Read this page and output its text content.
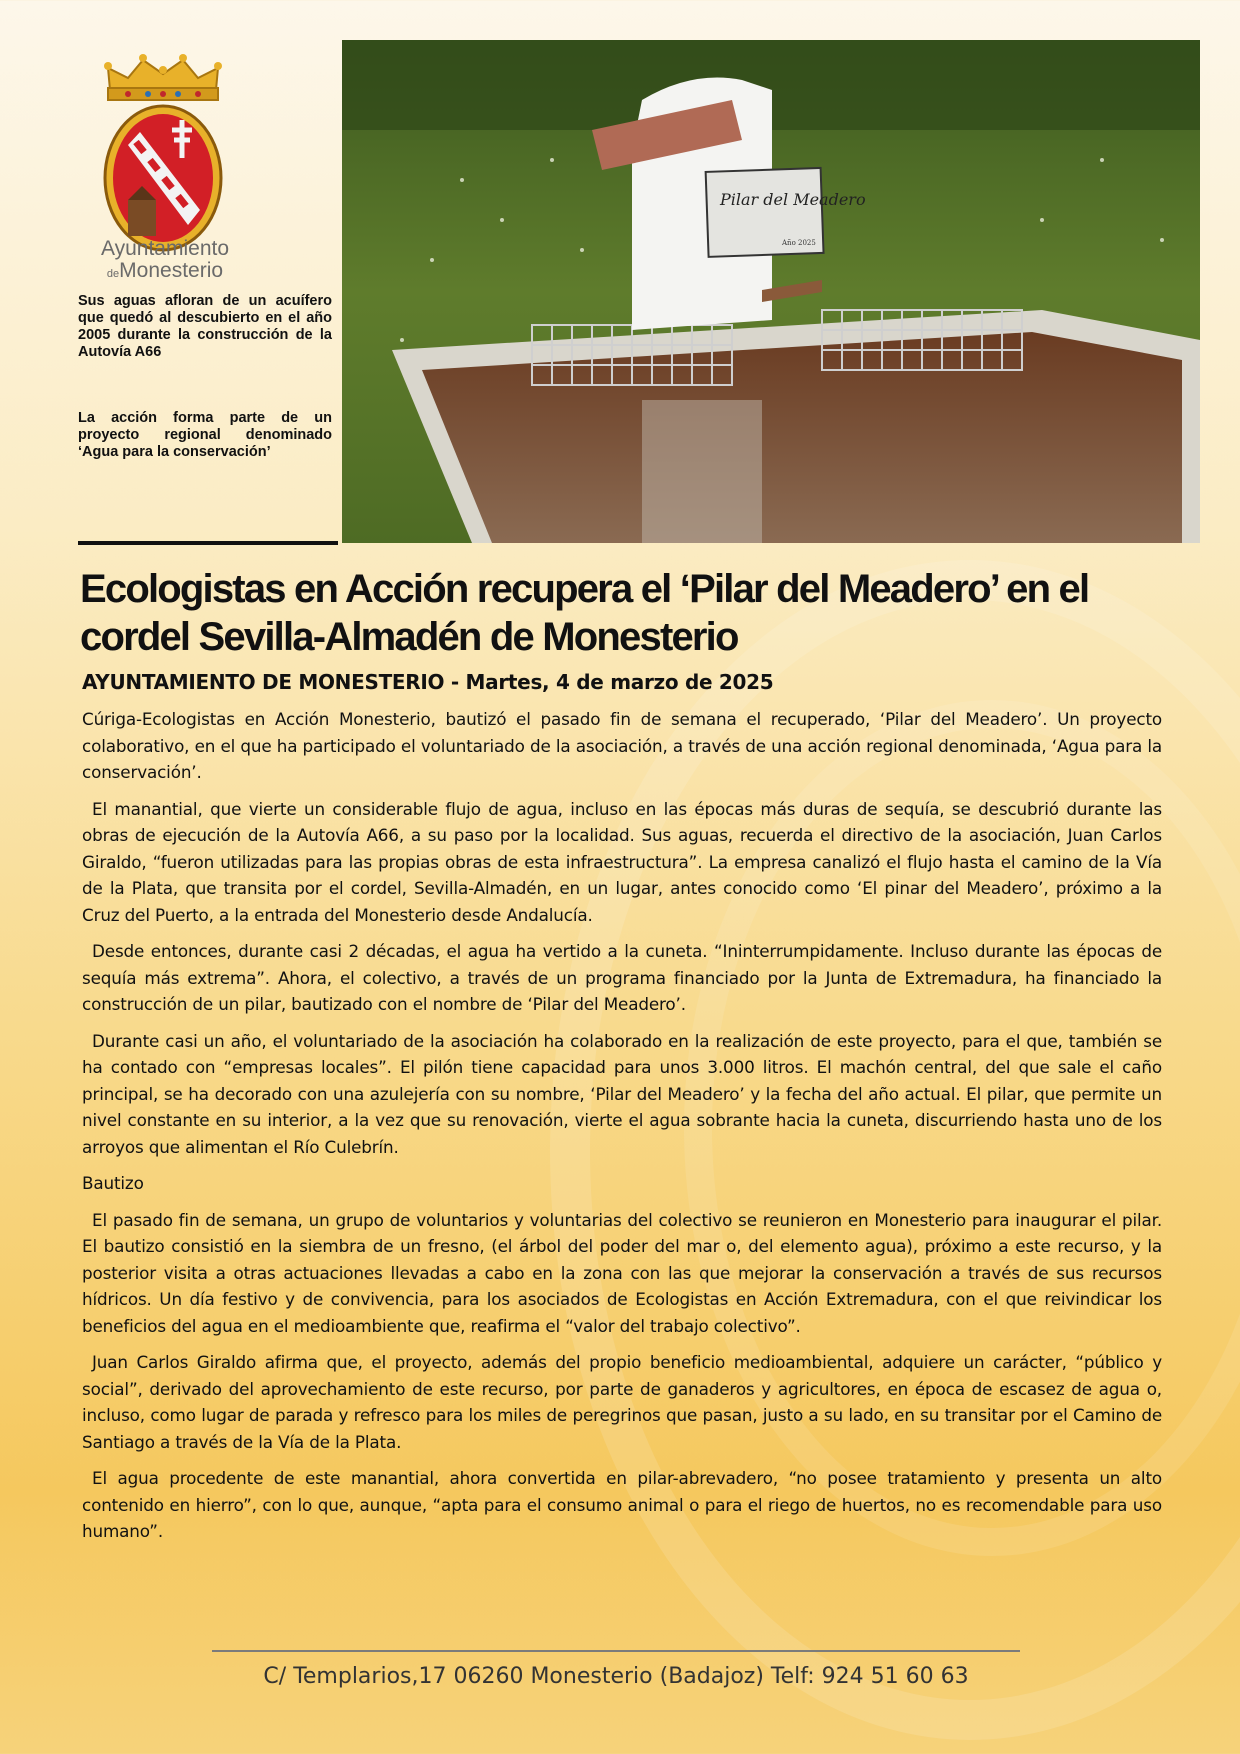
Ayuntamiento
deMonesterio
Sus aguas afloran de un acuífero que quedó al descubierto en el año 2005 durante la construcción de la Autovía A66
La acción forma parte de un proyecto regional denominado ‘Agua para la conservación’
Pilar del Meadero
Año 2025
Ecologistas en Acción recupera el ‘Pilar del Meadero’ en el cordel Sevilla-Almadén de Monesterio
AYUNTAMIENTO DE MONESTERIO - Martes, 4 de marzo de 2025

Cúriga-Ecologistas en Acción Monesterio, bautizó el pasado fin de semana el recuperado, ‘Pilar del Meadero’. Un proyecto colaborativo, en el que ha participado el voluntariado de la asociación, a través de una acción regional denominada, ‘Agua para la conservación’.

El manantial, que vierte un considerable flujo de agua, incluso en las épocas más duras de sequía, se descubrió durante las obras de ejecución de la Autovía A66, a su paso por la localidad. Sus aguas, recuerda el directivo de la asociación, Juan Carlos Giraldo, “fueron utilizadas para las propias obras de esta infraestructura”. La empresa canalizó el flujo hasta el camino de la Vía de la Plata, que transita por el cordel, Sevilla-Almadén, en un lugar, antes conocido como ‘El pinar del Meadero’, próximo a la Cruz del Puerto, a la entrada del Monesterio desde Andalucía.

Desde entonces, durante casi 2 décadas, el agua ha vertido a la cuneta. “Ininterrumpidamente. Incluso durante las épocas de sequía más extrema”. Ahora, el colectivo, a través de un programa financiado por la Junta de Extremadura, ha financiado la construcción de un pilar, bautizado con el nombre de ‘Pilar del Meadero’.

Durante casi un año, el voluntariado de la asociación ha colaborado en la realización de este proyecto, para el que, también se ha contado con “empresas locales”. El pilón tiene capacidad para unos 3.000 litros. El machón central, del que sale el caño principal, se ha decorado con una azulejería con su nombre, ‘Pilar del Meadero’ y la fecha del año actual. El pilar, que permite un nivel constante en su interior, a la vez que su renovación, vierte el agua sobrante hacia la cuneta, discurriendo hasta uno de los arroyos que alimentan el Río Culebrín.

Bautizo

El pasado fin de semana, un grupo de voluntarios y voluntarias del colectivo se reunieron en Monesterio para inaugurar el pilar. El bautizo consistió en la siembra de un fresno, (el árbol del poder del mar o, del elemento agua), próximo a este recurso, y la posterior visita a otras actuaciones llevadas a cabo en la zona con las que mejorar la conservación a través de sus recursos hídricos. Un día festivo y de convivencia, para los asociados de Ecologistas en Acción Extremadura, con el que reivindicar los beneficios del agua en el medioambiente que, reafirma el “valor del trabajo colectivo”.

Juan Carlos Giraldo afirma que, el proyecto, además del propio beneficio medioambiental, adquiere un carácter, “público y social”, derivado del aprovechamiento de este recurso, por parte de ganaderos y agricultores, en época de escasez de agua o, incluso, como lugar de parada y refresco para los miles de peregrinos que pasan, justo a su lado, en su transitar por el Camino de Santiago a través de la Vía de la Plata.

El agua procedente de este manantial, ahora convertida en pilar-abrevadero, “no posee tratamiento y presenta un alto contenido en hierro”, con lo que, aunque, “apta para el consumo animal o para el riego de huertos, no es recomendable para uso humano”.

C/ Templarios,17 06260 Monesterio (Badajoz) Telf: 924 51 60 63
